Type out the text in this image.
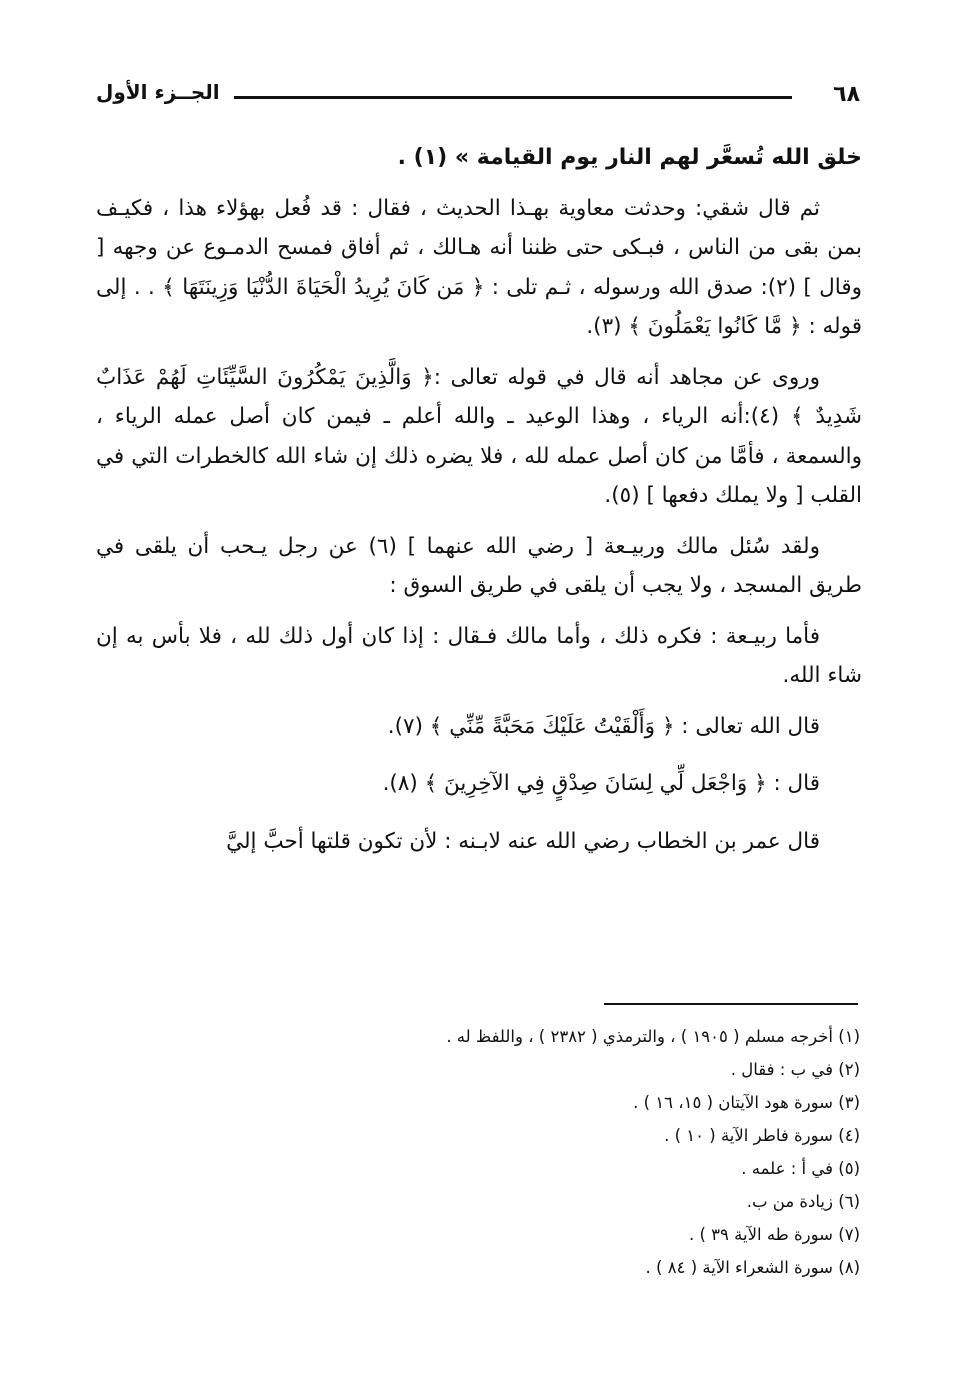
الجــزء الأول	٦٨

خلق الله تُسعَّر لهم النار يوم القيامة » (١) .

ثم قال شقي: وحدثت معاوية بهـذا الحديث ، فقال : قد فُعل بهؤلاء هذا ، فكيـف بمن بقى من الناس ، فبـكى حتى ظننا أنه هـالك ، ثم أفاق فمسح الدمـوع عن وجهه [ وقال ] (٢): صدق الله ورسوله ، ثـم تلى : ﴿ مَن كَانَ يُرِيدُ الْحَيَاةَ الدُّنْيَا وَزِينَتَهَا ﴾ . . إلى قوله : ﴿ مَّا كَانُوا يَعْمَلُونَ ﴾ (٣).

وروى عن مجاهد أنه قال في قوله تعالى :﴿ وَالَّذِينَ يَمْكُرُونَ السَّيِّئَاتِ لَهُمْ عَذَابٌ شَدِيدٌ ﴾ (٤):أنه الرياء ، وهذا الوعيد ـ والله أعلم ـ فيمن كان أصل عمله الرياء ، والسمعة ، فأمَّا من كان أصل عمله لله ، فلا يضره ذلك إن شاء الله كالخطرات التي في القلب [ ولا يملك دفعها ] (٥).

ولقد سُئل مالك وربيـعة [ رضي الله عنهما ] (٦) عن رجل يـحب أن يلقى في طريق المسجد ، ولا يجب أن يلقى في طريق السوق :

فأما ربيـعة : فكره ذلك ، وأما مالك فـقال : إذا كان أول ذلك لله ، فلا بأس به إن شاء الله.

قال الله تعالى : ﴿ وَأَلْقَيْتُ عَلَيْكَ مَحَبَّةً مِّنِّي ﴾ (٧).

قال : ﴿ وَاجْعَل لِّي لِسَانَ صِدْقٍ فِي الآخِرِينَ ﴾ (٨).

قال عمر بن الخطاب رضي الله عنه لابـنه : لأن تكون قلتها أحبَّ إليَّ

(١) أخرجه مسلم ( ١٩٠٥ ) ، والترمذي ( ٢٣٨٢ ) ، واللفظ له .
(٢) في ب : فقال .
(٣) سورة هود الآيتان ( ١٥، ١٦ ) .
(٤) سورة فاطر الآية ( ١٠ ) .
(٥) في أ : علمه .
(٦) زيادة من ب.
(٧) سورة طه الآية ٣٩ ) .
(٨) سورة الشعراء الآية ( ٨٤ ) .
